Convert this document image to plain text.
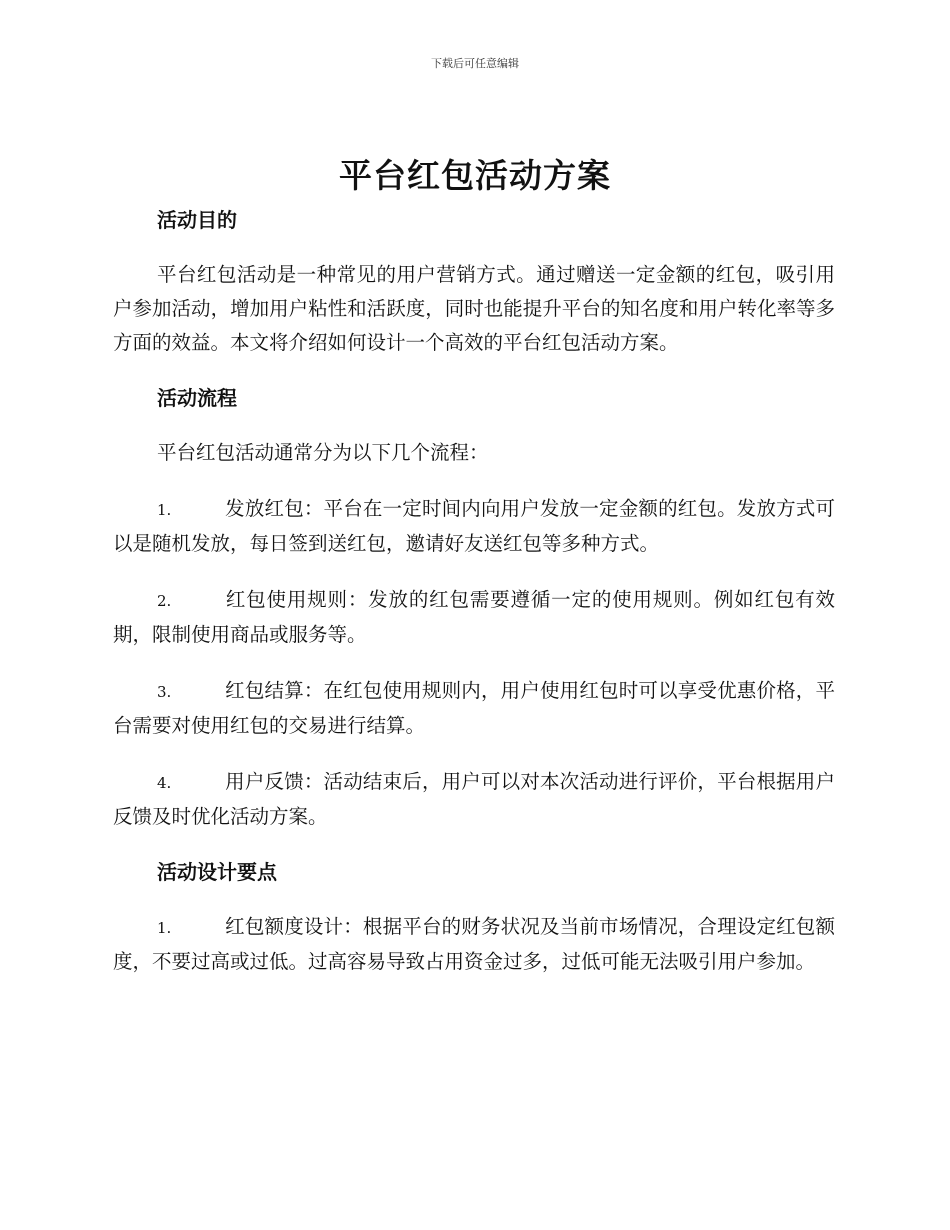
下载后可任意编辑
平台红包活动方案
活动目的

平台红包活动是一种常见的用户营销方式。通过赠送一定金额的红包，吸引用户参加活动，增加用户粘性和活跃度，同时也能提升平台的知名度和用户转化率等多方面的效益。本文将介绍如何设计一个高效的平台红包活动方案。

活动流程

平台红包活动通常分为以下几个流程：

1.	发放红包：平台在一定时间内向用户发放一定金额的红包。发放方式可以是随机发放，每日签到送红包，邀请好友送红包等多种方式。

2.	红包使用规则：发放的红包需要遵循一定的使用规则。例如红包有效期，限制使用商品或服务等。

3.	红包结算：在红包使用规则内，用户使用红包时可以享受优惠价格，平台需要对使用红包的交易进行结算。

4.	用户反馈：活动结束后，用户可以对本次活动进行评价，平台根据用户反馈及时优化活动方案。

活动设计要点

1.	红包额度设计：根据平台的财务状况及当前市场情况，合理设定红包额度，不要过高或过低。过高容易导致占用资金过多，过低可能无法吸引用户参加。
